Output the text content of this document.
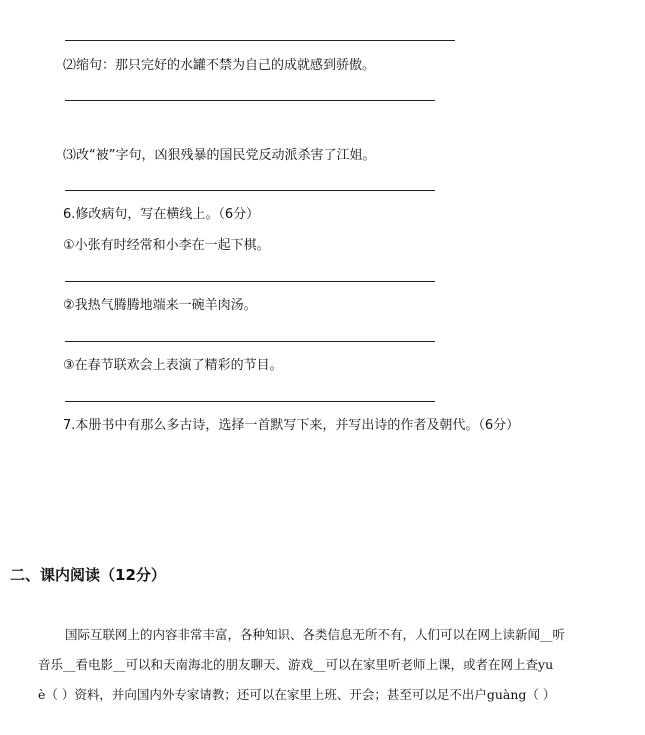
⑵缩句：那只完好的水罐不禁为自己的成就感到骄傲。
⑶改“被”字句，凶狠残暴的国民党反动派杀害了江姐。
6.修改病句，写在横线上。（6分）
①小张有时经常和小李在一起下棋。
②我热气腾腾地端来一碗羊肉汤。
③在春节联欢会上表演了精彩的节目。
7.本册书中有那么多古诗，选择一首默写下来，并写出诗的作者及朝代。（6分）
二、课内阅读（12分）
国际互联网上的内容非常丰富，各种知识、各类信息无所不有，人们可以在网上读新闻__听
音乐__看电影__可以和天南海北的朋友聊天、游戏__可以在家里听老师上课，或者在网上查yu
è（ ）资料，并向国内外专家请教；还可以在家里上班、开会；甚至可以足不出户guàng（ ）
